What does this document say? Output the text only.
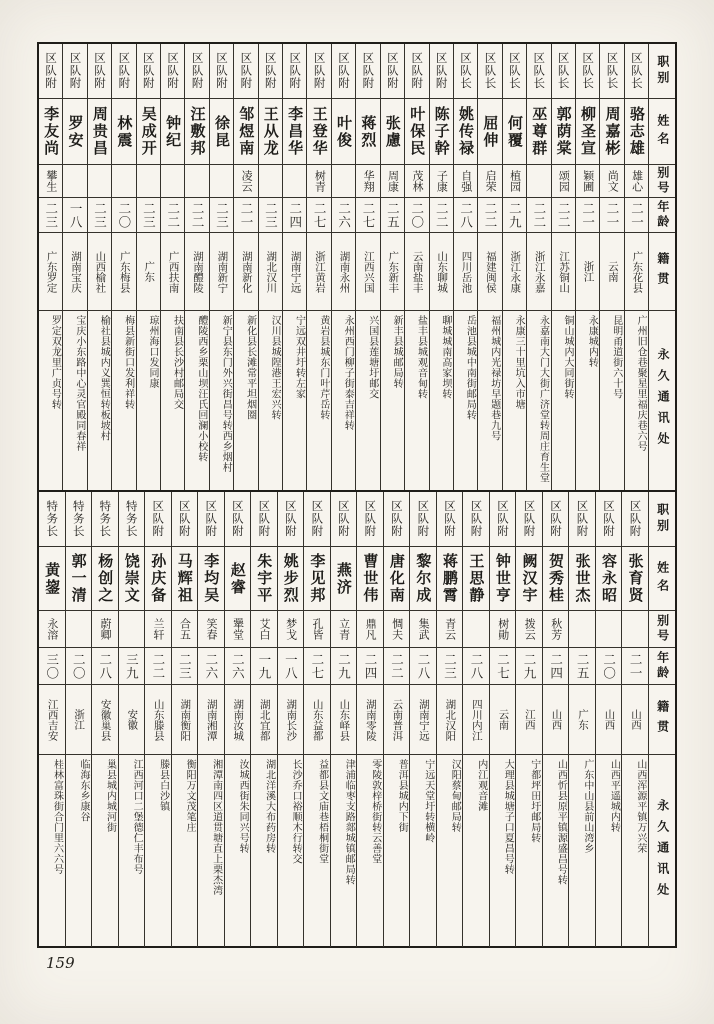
区队附
李友尚
攀生
二三
广东罗定
罗定双龙里广贞号转
区队附
罗安
一八
湖南宝庆
宝庆小东路中心灵官殿同春祥
区队附
周贵昌
二三
山西榆社
榆社县城内义巽恒转板坡村
区队附
林震
二〇
广东梅县
梅县新街口发利祥转
区队附
吴成开
二三
广东
琼州海口发同康
区队附
钟纪
二二
广西扶南
扶南县长沙村邮局交
区队附
汪敷邦
二二
湖南醴陵
醴陵西乡栗山坝汪氏回澜小校转
区队附
徐昆
二三
湖南新宁
新宁县东门外兴街昌号转西乡烟村
区队附
邹煜南
凌云
二一
湖南新化
新化县长滩常平坦烟圈
区队附
王从龙
二三
湖北汉川
汉川县城隍港王宏兴转
区队附
李昌华
二四
湖南宁远
宁远双井圩转左家
区队附
王登华
树青
二七
浙江黄岩
黄岩县城东门叶芹岳转
区队附
叶俊
二六
湖南永州
永州西门柳子街泰吉祥转
区队附
蒋烈
华翔
二七
江西兴国
兴国县莲塘圩邮交
区队附
张慮
周康
二五
广东新丰
新丰县城邮局转
区队附
叶保民
茂林
二〇
云南盐丰
盐丰县城观音甸转
区队附
陈子幹
子康
二二
山东聊城
聊城城南高家坝转
区队长
姚传禄
自强
二八
四川岳池
岳池县城中南街邮局转
区队长
屈伸
启荣
二二
福建闽侯
福州城内光禄坊早题巷九号
区队长
何覆
植园
二九
浙江永康
永康三十里坑入市塘
区队长
巫尊群
二二
浙江永嘉
永嘉南大门大街广济堂转周庄育生堂
区队长
郭荫棠
颂园
二二
江苏铜山
铜山城内大同街转
区队长
柳圣宣
颖圃
二一
浙江
永康城内转
区队长
周嘉彬
尚文
二一
云南
昆明甬道街六十号
区队长
骆志雄
雄心
二一
广东花县
广州旧仓巷聚星里福庆巷六号
职别
姓名
别号
年龄
籍贯
永久通讯处
特务长
黄鋆
永溶
三〇
江西吉安
桂林富珠街合门里六六号
特务长
郭一清
二〇
浙江
临海东乡康谷
特务长
杨创之
蔚卿
二八
安徽巢县
巢县城内城河街
特务长
饶崇文
三九
安徽
江西河口二堡德仁丰布号
区队附
孙庆备
兰轩
二二
山东滕县
滕县白沙镇
区队附
马辉祖
合五
二三
湖南衡阳
衡阳万文茂笔庄
区队附
李均吴
笑春
二六
湖南湘潭
湘潭南四区道贯塘直上栗杰湾
区队附
赵睿
犟堂
二六
湖南汝城
汝城西街朱同兴号转
区队附
朱宇平
艾白
一九
湖北宜都
湖北洋溪大布药房转
区队附
姚步烈
梦戈
一八
湖南长沙
长沙乔口裕顺木行转交
区队附
李见邦
孔皆
二七
山东益都
益都县文庙巷梧桐街堂
区队附
燕济
立青
二九
山东峄县
津浦临枣支路郯城镇邮局转
区队附
曹世伟
鼎凡
二四
湖南零陵
零陵敦梓桥街转云善堂
区队附
唐化南
惆夫
二二
云南普洱
普洱县城内下街
区队附
黎尔成
集武
二八
湖南宁远
宁远天堂圩转横岭
区队附
蒋鹏霄
青云
二三
湖北汉阳
汉阳蔡甸邮局转
区队附
王思静
二八
四川内江
内江观音滩
区队附
钟世亨
树勛
二七
云南
大理县城塘子口夏昌号转
区队附
阙汉宇
拨云
二九
江西
宁都坪田圩邮局转
区队附
贺秀桂
秋芳
二四
山西
山西忻县原平镇源盛昌号转
区队附
张世杰
二五
广东
广东中山县前山湾乡
区队附
容永昭
二〇
山西
山西平遥城内转
区队附
张育贤
二一
山西
山西浑源平镇万兴荣
职别
姓名
别号
年龄
籍贯
永久通讯处
159
